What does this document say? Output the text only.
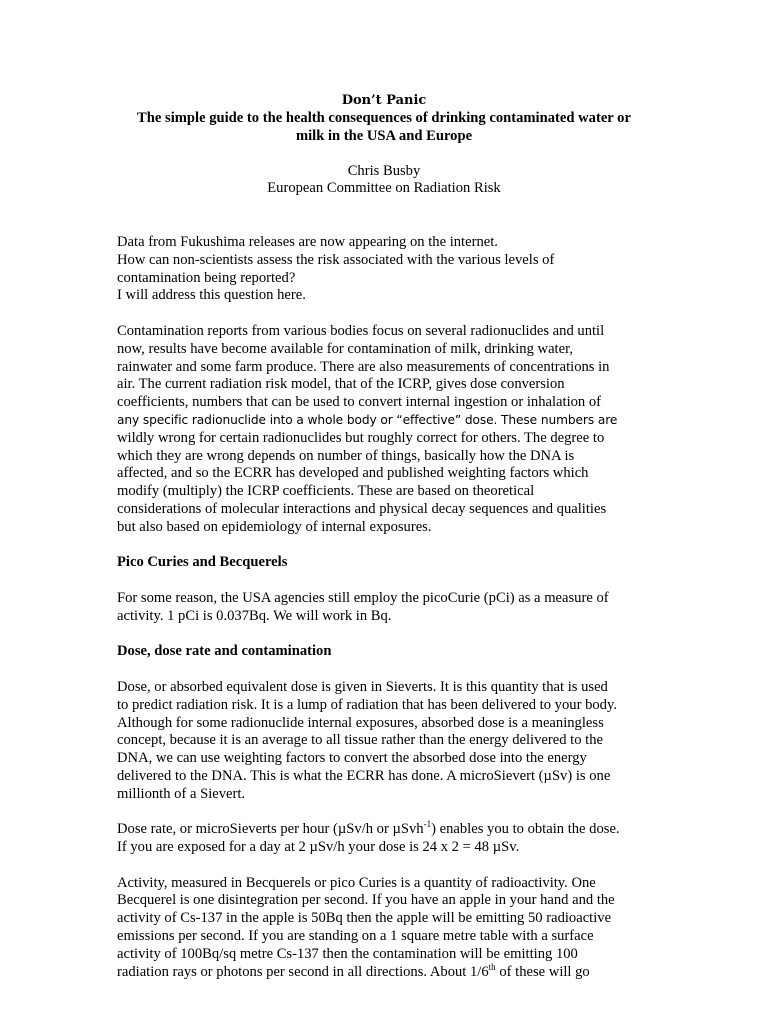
Don’t Panic
The simple guide to the health consequences of drinking contaminated water or
milk in the USA and Europe
Chris Busby
European Committee on Radiation Risk

Data from Fukushima releases are now appearing on the internet.
How can non-scientists assess the risk associated with the various levels of
contamination being reported?
I will address this question here.

Contamination reports from various bodies focus on several radionuclides and until
now, results have become available for contamination of milk, drinking water,
rainwater and some farm produce. There are also measurements of concentrations in
air. The current radiation risk model, that of the ICRP, gives dose conversion
coefficients, numbers that can be used to convert internal ingestion or inhalation of
any specific radionuclide into a whole body or “effective” dose. These numbers are
wildly wrong for certain radionuclides but roughly correct for others. The degree to
which they are wrong depends on number of things, basically how the DNA is
affected, and so the ECRR has developed and published weighting factors which
modify (multiply) the ICRP coefficients. These are based on theoretical
considerations of molecular interactions and physical decay sequences and qualities
but also based on epidemiology of internal exposures.

Pico Curies and Becquerels

For some reason, the USA agencies still employ the picoCurie (pCi) as a measure of
activity. 1 pCi is 0.037Bq. We will work in Bq.

Dose, dose rate and contamination

Dose, or absorbed equivalent dose is given in Sieverts. It is this quantity that is used
to predict radiation risk. It is a lump of radiation that has been delivered to your body.
Although for some radionuclide internal exposures, absorbed dose is a meaningless
concept, because it is an average to all tissue rather than the energy delivered to the
DNA, we can use weighting factors to convert the absorbed dose into the energy
delivered to the DNA. This is what the ECRR has done. A microSievert (µSv) is one
millionth of a Sievert.

Dose rate, or microSieverts per hour (µSv/h or µSvh$^{-1}$) enables you to obtain the dose.
If you are exposed for a day at 2 µSv/h your dose is 24 x 2 = 48 µSv.

Activity, measured in Becquerels or pico Curies is a quantity of radioactivity. One
Becquerel is one disintegration per second. If you have an apple in your hand and the
activity of Cs-137 in the apple is 50Bq then the apple will be emitting 50 radioactive
emissions per second. If you are standing on a 1 square metre table with a surface
activity of 100Bq/sq metre Cs-137 then the contamination will be emitting 100
radiation rays or photons per second in all directions. About 1/6th of these will go
